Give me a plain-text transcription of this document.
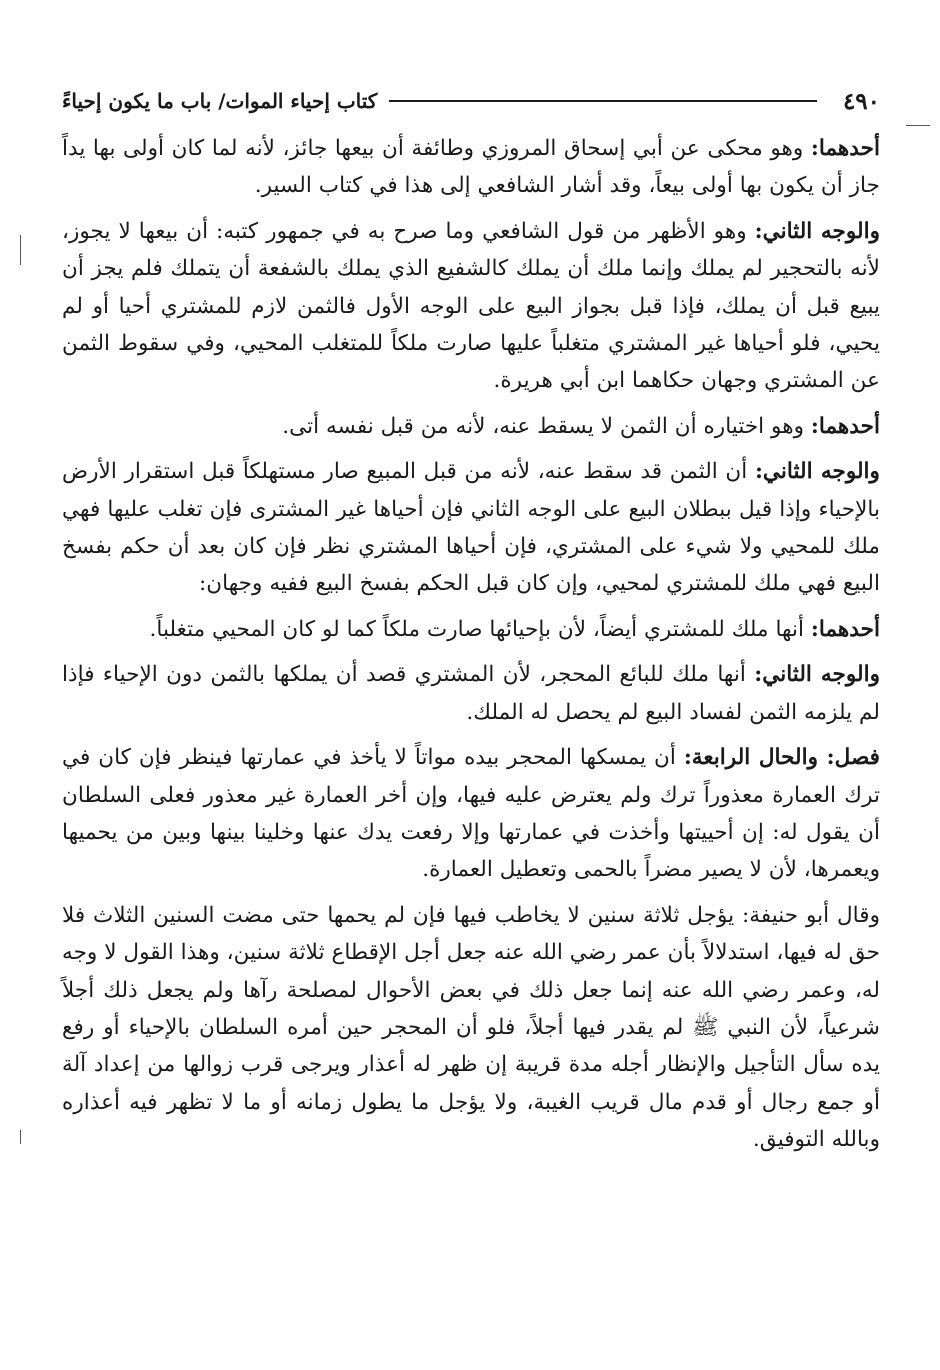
٤٩٠
كتاب إحياء الموات/ باب ما يكون إحياءً

أحدهما: وهو محكى عن أبي إسحاق المروزي وطائفة أن بيعها جائز، لأنه لما كان أولى بها يداً جاز أن يكون بها أولى بيعاً، وقد أشار الشافعي إلى هذا في كتاب السير.

والوجه الثاني: وهو الأظهر من قول الشافعي وما صرح به في جمهور كتبه: أن بيعها لا يجوز، لأنه بالتحجير لم يملك وإنما ملك أن يملك كالشفيع الذي يملك بالشفعة أن يتملك فلم يجز أن يبيع قبل أن يملك، فإذا قبل بجواز البيع على الوجه الأول فالثمن لازم للمشتري أحيا أو لم يحيي، فلو أحياها غير المشتري متغلباً عليها صارت ملكاً للمتغلب المحيي، وفي سقوط الثمن عن المشتري وجهان حكاهما ابن أبي هريرة.

أحدهما: وهو اختياره أن الثمن لا يسقط عنه، لأنه من قبل نفسه أتى.

والوجه الثاني: أن الثمن قد سقط عنه، لأنه من قبل المبيع صار مستهلكاً قبل استقرار الأرض بالإحياء وإذا قيل ببطلان البيع على الوجه الثاني فإن أحياها غير المشترى فإن تغلب عليها فهي ملك للمحيي ولا شيء على المشتري، فإن أحياها المشتري نظر فإن كان بعد أن حكم بفسخ البيع فهي ملك للمشتري لمحيي، وإن كان قبل الحكم بفسخ البيع ففيه وجهان:

أحدهما: أنها ملك للمشتري أيضاً، لأن بإحيائها صارت ملكاً كما لو كان المحيي متغلباً.

والوجه الثاني: أنها ملك للبائع المحجر، لأن المشتري قصد أن يملكها بالثمن دون الإحياء فإذا لم يلزمه الثمن لفساد البيع لم يحصل له الملك.

فصل: والحال الرابعة: أن يمسكها المحجر بيده مواتاً لا يأخذ في عمارتها فينظر فإن كان في ترك العمارة معذوراً ترك ولم يعترض عليه فيها، وإن أخر العمارة غير معذور فعلى السلطان أن يقول له: إن أحييتها وأخذت في عمارتها وإلا رفعت يدك عنها وخلينا بينها وبين من يحميها ويعمرها، لأن لا يصير مضراً بالحمى وتعطيل العمارة.

وقال أبو حنيفة: يؤجل ثلاثة سنين لا يخاطب فيها فإن لم يحمها حتى مضت السنين الثلاث فلا حق له فيها، استدلالاً بأن عمر رضي الله عنه جعل أجل الإقطاع ثلاثة سنين، وهذا القول لا وجه له، وعمر رضي الله عنه إنما جعل ذلك في بعض الأحوال لمصلحة رآها ولم يجعل ذلك أجلاً شرعياً، لأن النبي ﷺ لم يقدر فيها أجلاً، فلو أن المحجر حين أمره السلطان بالإحياء أو رفع يده سأل التأجيل والإنظار أجله مدة قريبة إن ظهر له أعذار ويرجى قرب زوالها من إعداد آلة أو جمع رجال أو قدم مال قريب الغيبة، ولا يؤجل ما يطول زمانه أو ما لا تظهر فيه أعذاره وبالله التوفيق.
